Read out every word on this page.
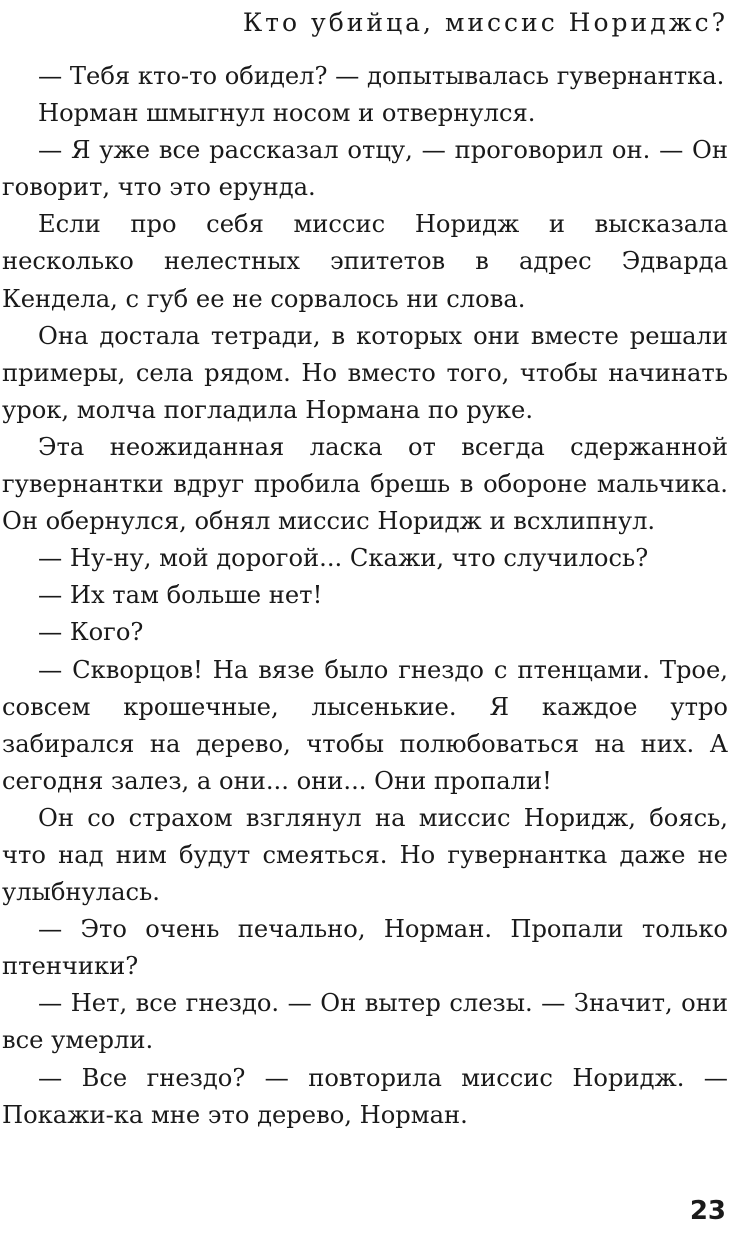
Кто убийца, миссис Нориджс?

— Тебя кто-то обидел? — допытывалась гувернантка.

Норман шмыгнул носом и отвернулся.

— Я уже все рассказал отцу, — проговорил он. — Он говорит, что это ерунда.

Если про себя миссис Норидж и высказала несколько нелестных эпитетов в адрес Эдварда Кендела, с губ ее не сорвалось ни слова.

Она достала тетради, в которых они вместе решали примеры, села рядом. Но вместо того, чтобы начинать урок, молча погладила Нормана по руке.

Эта неожиданная ласка от всегда сдержанной гувернантки вдруг пробила брешь в обороне мальчика. Он обернулся, обнял миссис Норидж и всхлипнул.

— Ну-ну, мой дорогой... Скажи, что случилось?

— Их там больше нет!

— Кого?

— Скворцов! На вязе было гнездо с птенцами. Трое, совсем крошечные, лысенькие. Я каждое утро забирался на дерево, чтобы полюбоваться на них. А сегодня залез, а они... они... Они пропали!

Он со страхом взглянул на миссис Норидж, боясь, что над ним будут смеяться. Но гувернантка даже не улыбнулась.

— Это очень печально, Норман. Пропали только птенчики?

— Нет, все гнездо. — Он вытер слезы. — Значит, они все умерли.

— Все гнездо? — повторила миссис Норидж. — Покажи-ка мне это дерево, Норман.

23
